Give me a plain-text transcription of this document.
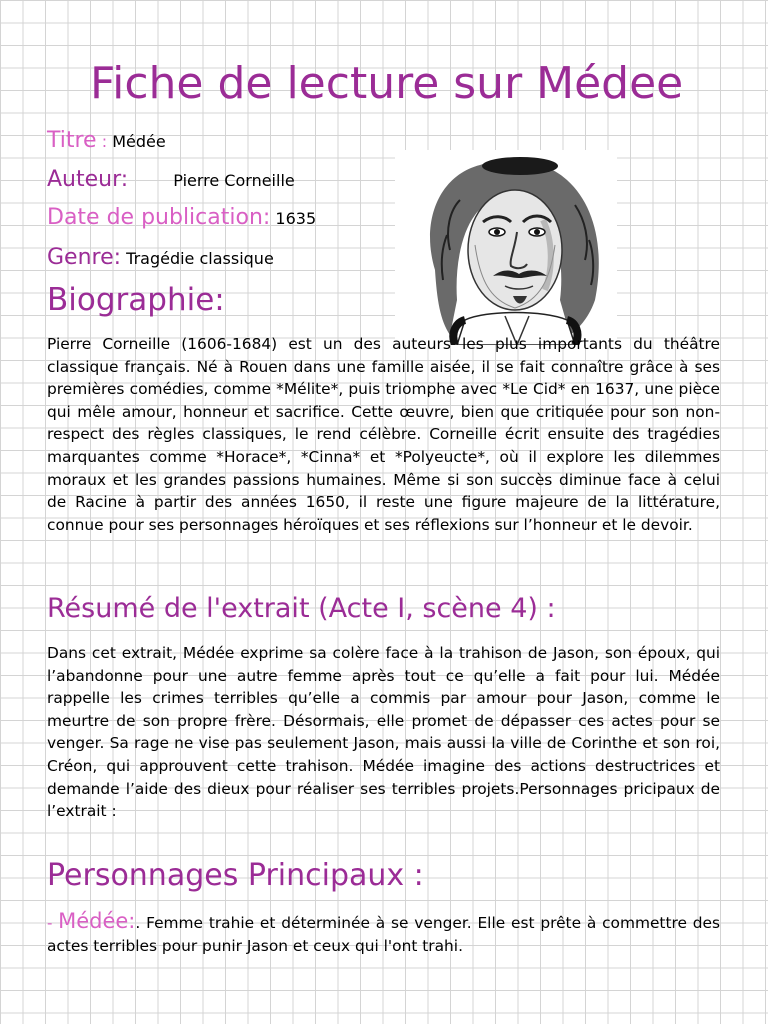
Fiche de lecture sur Médee
Titre : Médée
Auteur:	Pierre Corneille
Date de publication: 1635
Genre: Tragédie classique
Biographie:

Pierre Corneille (1606-1684) est un des auteurs les plus importants du théâtre classique français. Né à Rouen dans une famille aisée, il se fait connaître grâce à ses premières comédies, comme *Mélite*, puis triomphe avec *Le Cid* en 1637, une pièce qui mêle amour, honneur et sacrifice. Cette œuvre, bien que critiquée pour son non-respect des règles classiques, le rend célèbre. Corneille écrit ensuite des tragédies marquantes comme *Horace*, *Cinna* et *Polyeucte*, où il explore les dilemmes moraux et les grandes passions humaines. Même si son succès diminue face à celui de Racine à partir des années 1650, il reste une figure majeure de la littérature, connue pour ses personnages héroïques et ses réflexions sur l’honneur et le devoir.

Résumé de l'extrait (Acte I, scène 4) :

Dans cet extrait, Médée exprime sa colère face à la trahison de Jason, son époux, qui l’abandonne pour une autre femme après tout ce qu’elle a fait pour lui. Médée rappelle les crimes terribles qu’elle a commis par amour pour Jason, comme le meurtre de son propre frère. Désormais, elle promet de dépasser ces actes pour se venger. Sa rage ne vise pas seulement Jason, mais aussi la ville de Corinthe et son roi, Créon, qui approuvent cette trahison. Médée imagine des actions destructrices et demande l’aide des dieux pour réaliser ses terribles projets.Personnages pricipaux de l’extrait :

Personnages Principaux :

- Médée:. Femme trahie et déterminée à se venger. Elle est prête à commettre des actes terribles pour punir Jason et ceux qui l'ont trahi.
